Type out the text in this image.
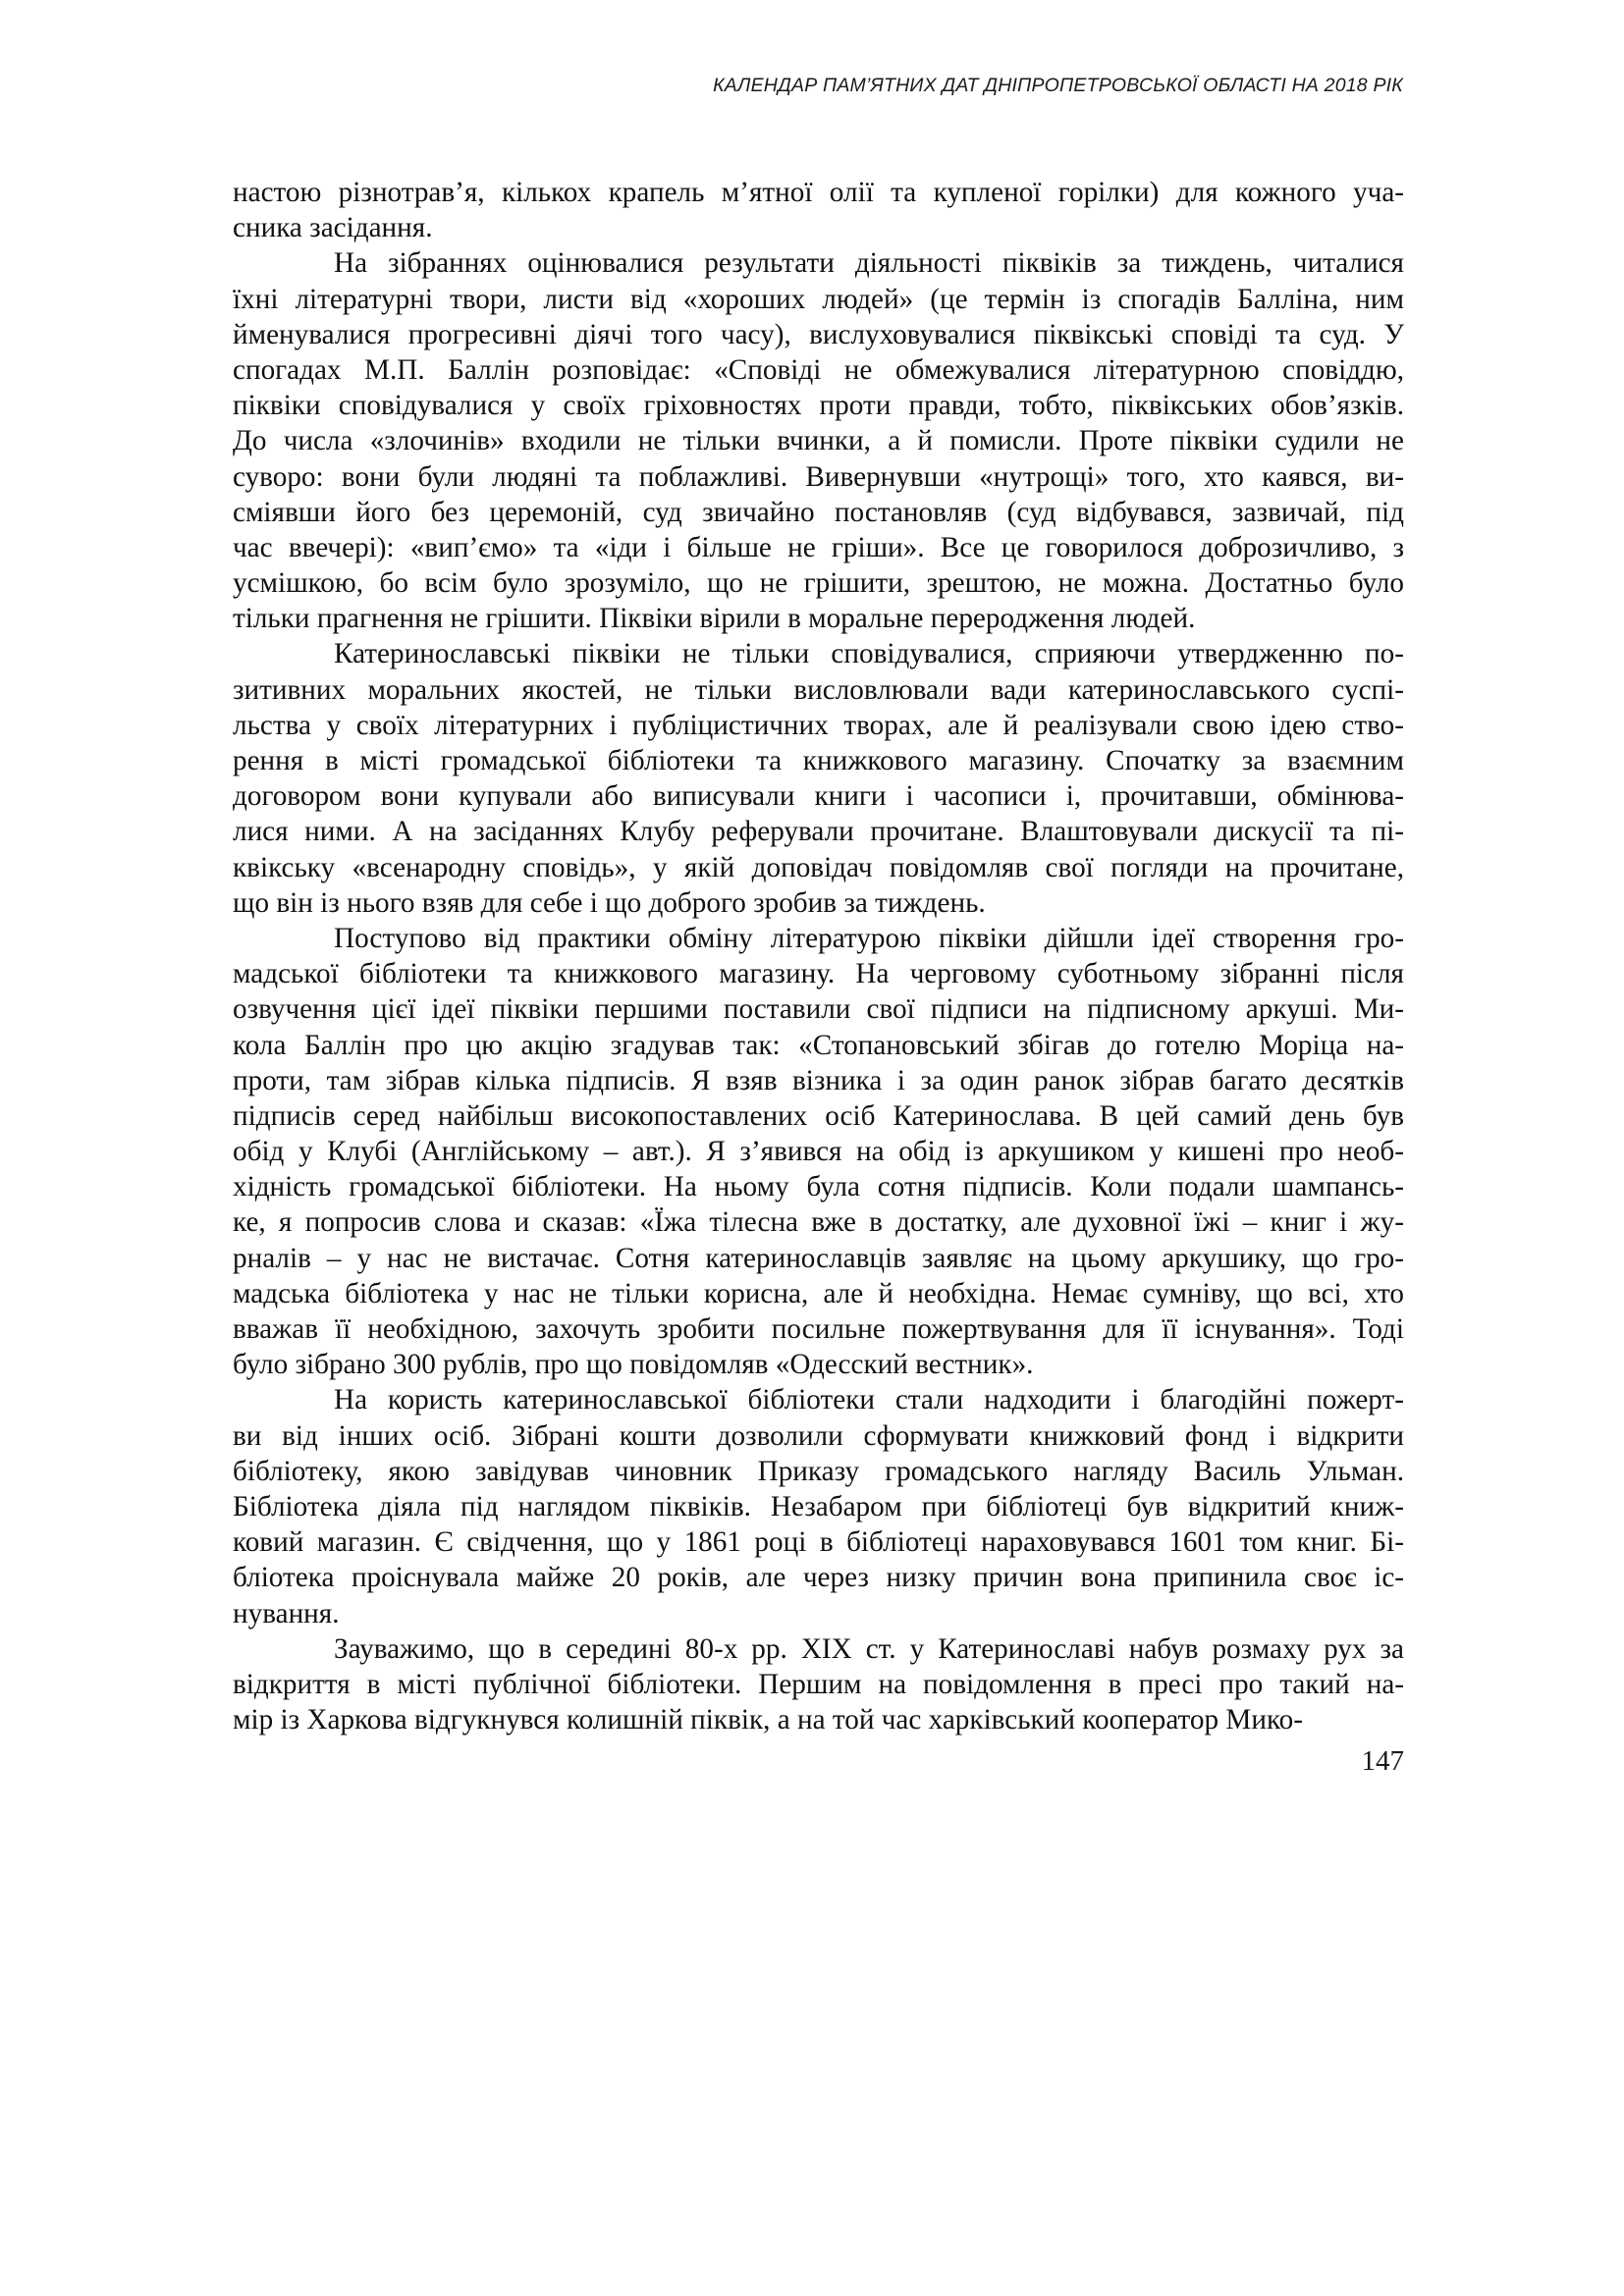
КАЛЕНДАР ПАМ’ЯТНИХ ДАТ ДНІПРОПЕТРОВСЬКОЇ ОБЛАСТІ НА 2018 РІК
настою різнотрав’я, кількох крапель м’ятної олії та купленої горілки) для кожного уча-
сника засідання.
На зібраннях оцінювалися результати діяльності піквіків за тиждень, читалися
їхні літературні твори, листи від «хороших людей» (це термін із спогадів Балліна, ним
йменувалися прогресивні діячі того часу), вислуховувалися піквікські сповіді та суд. У
спогадах М.П. Баллін розповідає: «Сповіді не обмежувалися літературною сповіддю,
піквіки сповідувалися у своїх гріховностях проти правди, тобто, піквікських обов’язків.
До числа «злочинів» входили не тільки вчинки, а й помисли. Проте піквіки судили не
суворо: вони були людяні та поблажливі. Вивернувши «нутрощі» того, хто каявся, ви-
сміявши його без церемоній, суд звичайно постановляв (суд відбувався, зазвичай, під
час ввечері): «вип’ємо» та «іди і більше не гріши». Все це говорилося доброзичливо, з
усмішкою, бо всім було зрозуміло, що не грішити, зрештою, не можна. Достатньо було
тільки прагнення не грішити. Піквіки вірили в моральне переродження людей.
Катеринославські піквіки не тільки сповідувалися, сприяючи утвердженню по-
зитивних моральних якостей, не тільки висловлювали вади катеринославського суспі-
льства у своїх літературних і публіцистичних творах, але й реалізували свою ідею ство-
рення в місті громадської бібліотеки та книжкового магазину. Спочатку за взаємним
договором вони купували або виписували книги і часописи і, прочитавши, обмінюва-
лися ними. А на засіданнях Клубу реферували прочитане. Влаштовували дискусії та пі-
квікську «всенародну сповідь», у якій доповідач повідомляв свої погляди на прочитане,
що він із нього взяв для себе і що доброго зробив за тиждень.
Поступово від практики обміну літературою піквіки дійшли ідеї створення гро-
мадської бібліотеки та книжкового магазину. На черговому суботньому зібранні після
озвучення цієї ідеї піквіки першими поставили свої підписи на підписному аркуші. Ми-
кола Баллін про цю акцію згадував так: «Стопановський збігав до готелю Моріца на-
проти, там зібрав кілька підписів. Я взяв візника і за один ранок зібрав багато десятків
підписів серед найбільш високопоставлених осіб Катеринослава. В цей самий день був
обід у Клубі (Англійському – авт.). Я з’явився на обід із аркушиком у кишені про необ-
хідність громадської бібліотеки. На ньому була сотня підписів. Коли подали шампансь-
ке, я попросив слова и сказав: «Їжа тілесна вже в достатку, але духовної їжі – книг і жу-
рналів – у нас не вистачає. Сотня катеринославців заявляє на цьому аркушику, що гро-
мадська бібліотека у нас не тільки корисна, але й необхідна. Немає сумніву, що всі, хто
вважав її необхідною, захочуть зробити посильне пожертвування для її існування». Тоді
було зібрано 300 рублів, про що повідомляв «Одесский вестник».
На користь катеринославської бібліотеки стали надходити і благодійні пожерт-
ви від інших осіб. Зібрані кошти дозволили сформувати книжковий фонд і відкрити
бібліотеку, якою завідував чиновник Приказу громадського нагляду Василь Ульман.
Бібліотека діяла під наглядом піквіків. Незабаром при бібліотеці був відкритий книж-
ковий магазин. Є свідчення, що у 1861 році в бібліотеці нараховувався 1601 том книг. Бі-
бліотека проіснувала майже 20 років, але через низку причин вона припинила своє іс-
нування.
Зауважимо, що в середині 80-х рр. ХІХ ст. у Катеринославі набув розмаху рух за
відкриття в місті публічної бібліотеки. Першим на повідомлення в пресі про такий на-
мір із Харкова відгукнувся колишній піквік, а на той час харківський кооператор Мико-
147
